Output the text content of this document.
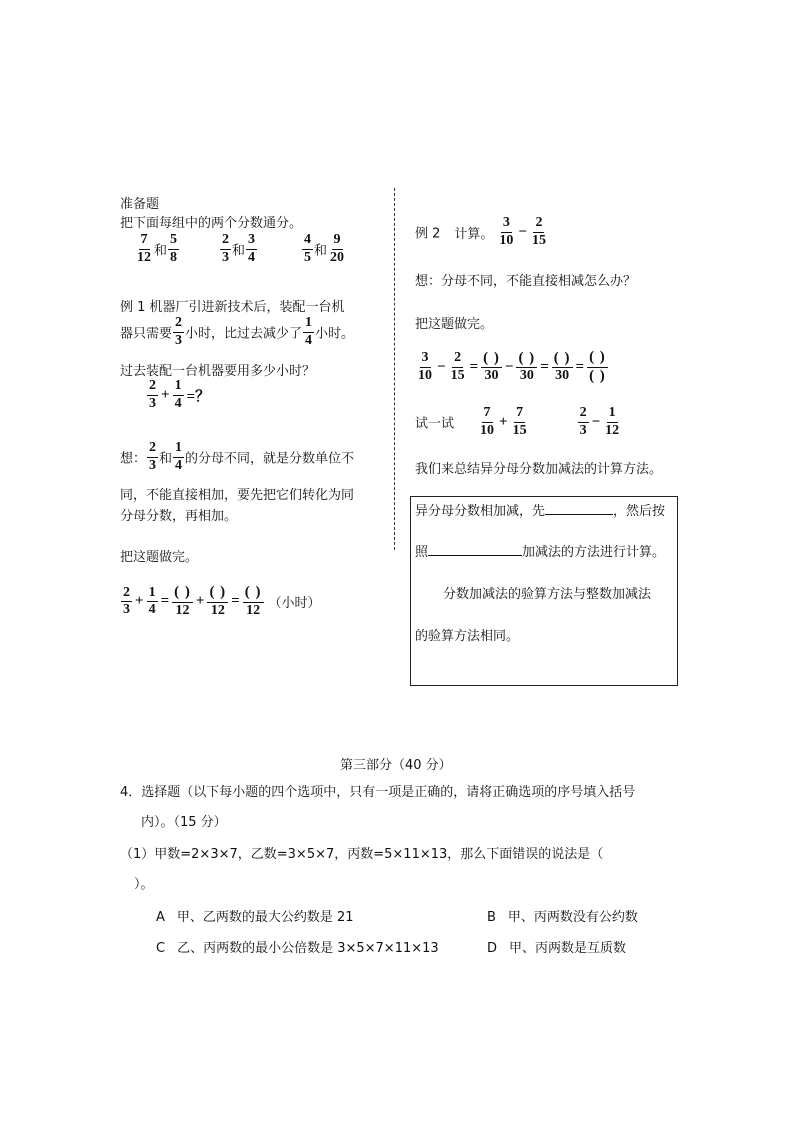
准备题
把下面每组中的两个分数通分。
$\frac{7}{12}$ 和 $\frac{5}{8}$	$\frac{2}{3}$ 和 $\frac{3}{4}$	$\frac{4}{5}$ 和 $\frac{9}{20}$
例 1 机器厂引进新技术后，装配一台机
器只需要 $\frac{2}{3}$ 小时，比过去减少了 $\frac{1}{4}$ 小时。
过去装配一台机器要用多少小时？
$\frac{2}{3} + \frac{1}{4}$ =？
想： $\frac{2}{3}$ 和 $\frac{1}{4}$ 的分母不同，就是分数单位不
同，不能直接相加，要先把它们转化为同
分母分数，再相加。
把这题做完。
$\frac{2}{3} + \frac{1}{4} = \frac{( )}{12} + \frac{( )}{12} = \frac{( )}{12}$ （小时）
例 2 计算。 $\frac{3}{10} - \frac{2}{15}$
想：分母不同，不能直接相减怎么办？
把这题做完。
$\frac{3}{10} - \frac{2}{15} = \frac{( )}{30} - \frac{( )}{30} = \frac{( )}{30} = \frac{( )}{( )}$
试一试 $\frac{7}{10} + \frac{7}{15}$	$\frac{2}{3} - \frac{1}{12}$
我们来总结异分母分数加减法的计算方法。
异分母分数相加减，先	，然后按
照	加减法的方法进行计算。
分数加减法的验算方法与整数加减法
的验算方法相同。
第三部分（40 分）
4．选择题（以下每小题的四个选项中，只有一项是正确的，请将正确选项的序号填入括号
内）。（15 分）
（1）甲数=2×3×7，乙数=3×5×7，丙数=5×11×13，那么下面错误的说法是（
）。
A 甲、乙两数的最大公约数是 21	B 甲、丙两数没有公约数
C 乙、丙两数的最小公倍数是 3×5×7×11×13	D 甲、丙两数是互质数
